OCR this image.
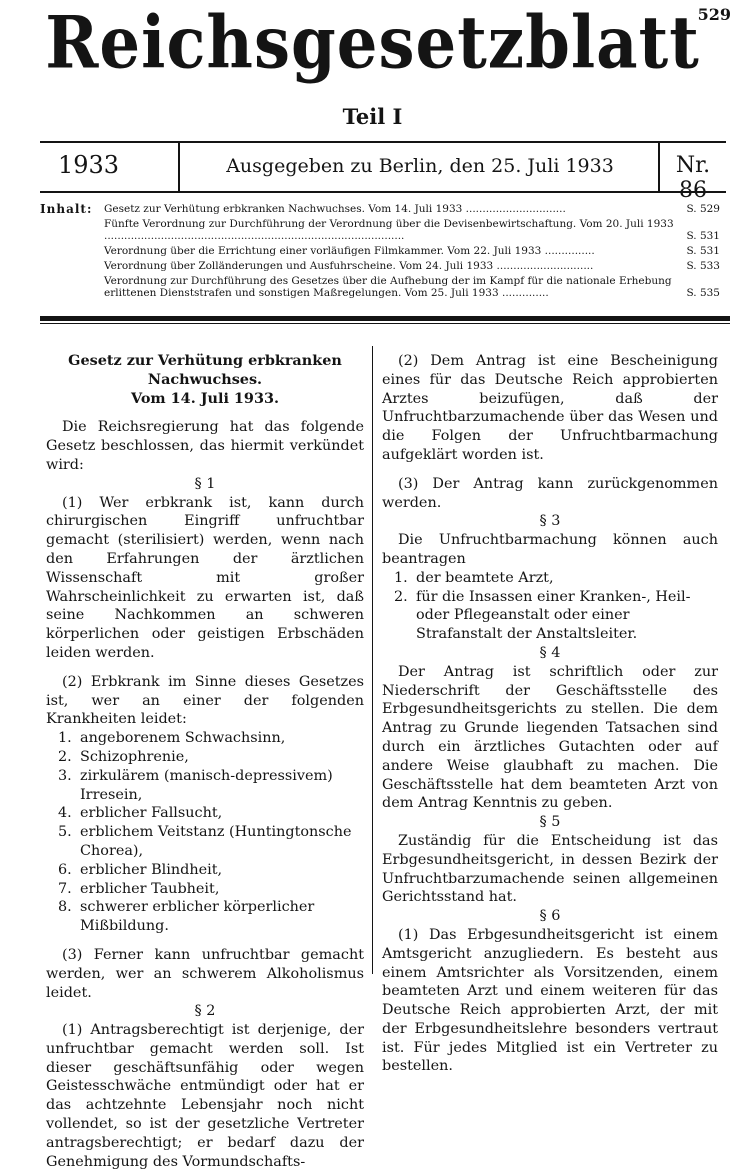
529
Reichsgesetzblatt
Teil I
1933	Ausgegeben zu Berlin, den 25. Juli 1933	Nr. 86
Inhalt: Gesetz zur Verhütung erbkranken Nachwuchses. Vom 14. Juli 1933 ..............................	S. 529
Fünfte Verordnung zur Durchführung der Verordnung über die Devisenbewirtschaftung. Vom 20. Juli 1933 ..........................................................................................	S. 531
Verordnung über die Errichtung einer vorläufigen Filmkammer. Vom 22. Juli 1933 ...............	S. 531
Verordnung über Zolländerungen und Ausfuhrscheine. Vom 24. Juli 1933 .............................	S. 533
Verordnung zur Durchführung des Gesetzes über die Aufhebung der im Kampf für die nationale Erhebung erlittenen Dienststrafen und sonstigen Maßregelungen. Vom 25. Juli 1933 ..............	S. 535

Gesetz zur Verhütung erbkranken Nachwuchses.

Vom 14. Juli 1933.

Die Reichsregierung hat das folgende Gesetz beschlossen, das hiermit verkündet wird:

§ 1

(1) Wer erbkrank ist, kann durch chirurgischen Eingriff unfruchtbar gemacht (sterilisiert) werden, wenn nach den Erfahrungen der ärztlichen Wissenschaft mit großer Wahrscheinlichkeit zu erwarten ist, daß seine Nachkommen an schweren körperlichen oder geistigen Erbschäden leiden werden.

(2) Erbkrank im Sinne dieses Gesetzes ist, wer an einer der folgenden Krankheiten leidet:

1. angeborenem Schwachsinn,
2. Schizophrenie,
3. zirkulärem (manisch-depressivem) Irresein,
4. erblicher Fallsucht,
5. erblichem Veitstanz (Huntingtonsche Chorea),
6. erblicher Blindheit,
7. erblicher Taubheit,
8. schwerer erblicher körperlicher Mißbildung.

(3) Ferner kann unfruchtbar gemacht werden, wer an schwerem Alkoholismus leidet.

§ 2

(1) Antragsberechtigt ist derjenige, der unfruchtbar gemacht werden soll. Ist dieser geschäftsunfähig oder wegen Geistesschwäche entmündigt oder hat er das achtzehnte Lebensjahr noch nicht vollendet, so ist der gesetzliche Vertreter antragsberechtigt; er bedarf dazu der Genehmigung des Vormundschafts-

(2) Dem Antrag ist eine Bescheinigung eines für das Deutsche Reich approbierten Arztes beizufügen, daß der Unfruchtbarzumachende über das Wesen und die Folgen der Unfruchtbarmachung aufgeklärt worden ist.

(3) Der Antrag kann zurückgenommen werden.

§ 3

Die Unfruchtbarmachung können auch beantragen

1. der beamtete Arzt,
2. für die Insassen einer Kranken-, Heil- oder Pflegeanstalt oder einer Strafanstalt der Anstaltsleiter.

§ 4

Der Antrag ist schriftlich oder zur Niederschrift der Geschäftsstelle des Erbgesundheitsgerichts zu stellen. Die dem Antrag zu Grunde liegenden Tatsachen sind durch ein ärztliches Gutachten oder auf andere Weise glaubhaft zu machen. Die Geschäftsstelle hat dem beamteten Arzt von dem Antrag Kenntnis zu geben.

§ 5

Zuständig für die Entscheidung ist das Erbgesundheitsgericht, in dessen Bezirk der Unfruchtbarzumachende seinen allgemeinen Gerichtsstand hat.

§ 6

(1) Das Erbgesundheitsgericht ist einem Amtsgericht anzugliedern. Es besteht aus einem Amtsrichter als Vorsitzenden, einem beamteten Arzt und einem weiteren für das Deutsche Reich approbierten Arzt, der mit der Erbgesundheitslehre besonders vertraut ist. Für jedes Mitglied ist ein Vertreter zu bestellen.
